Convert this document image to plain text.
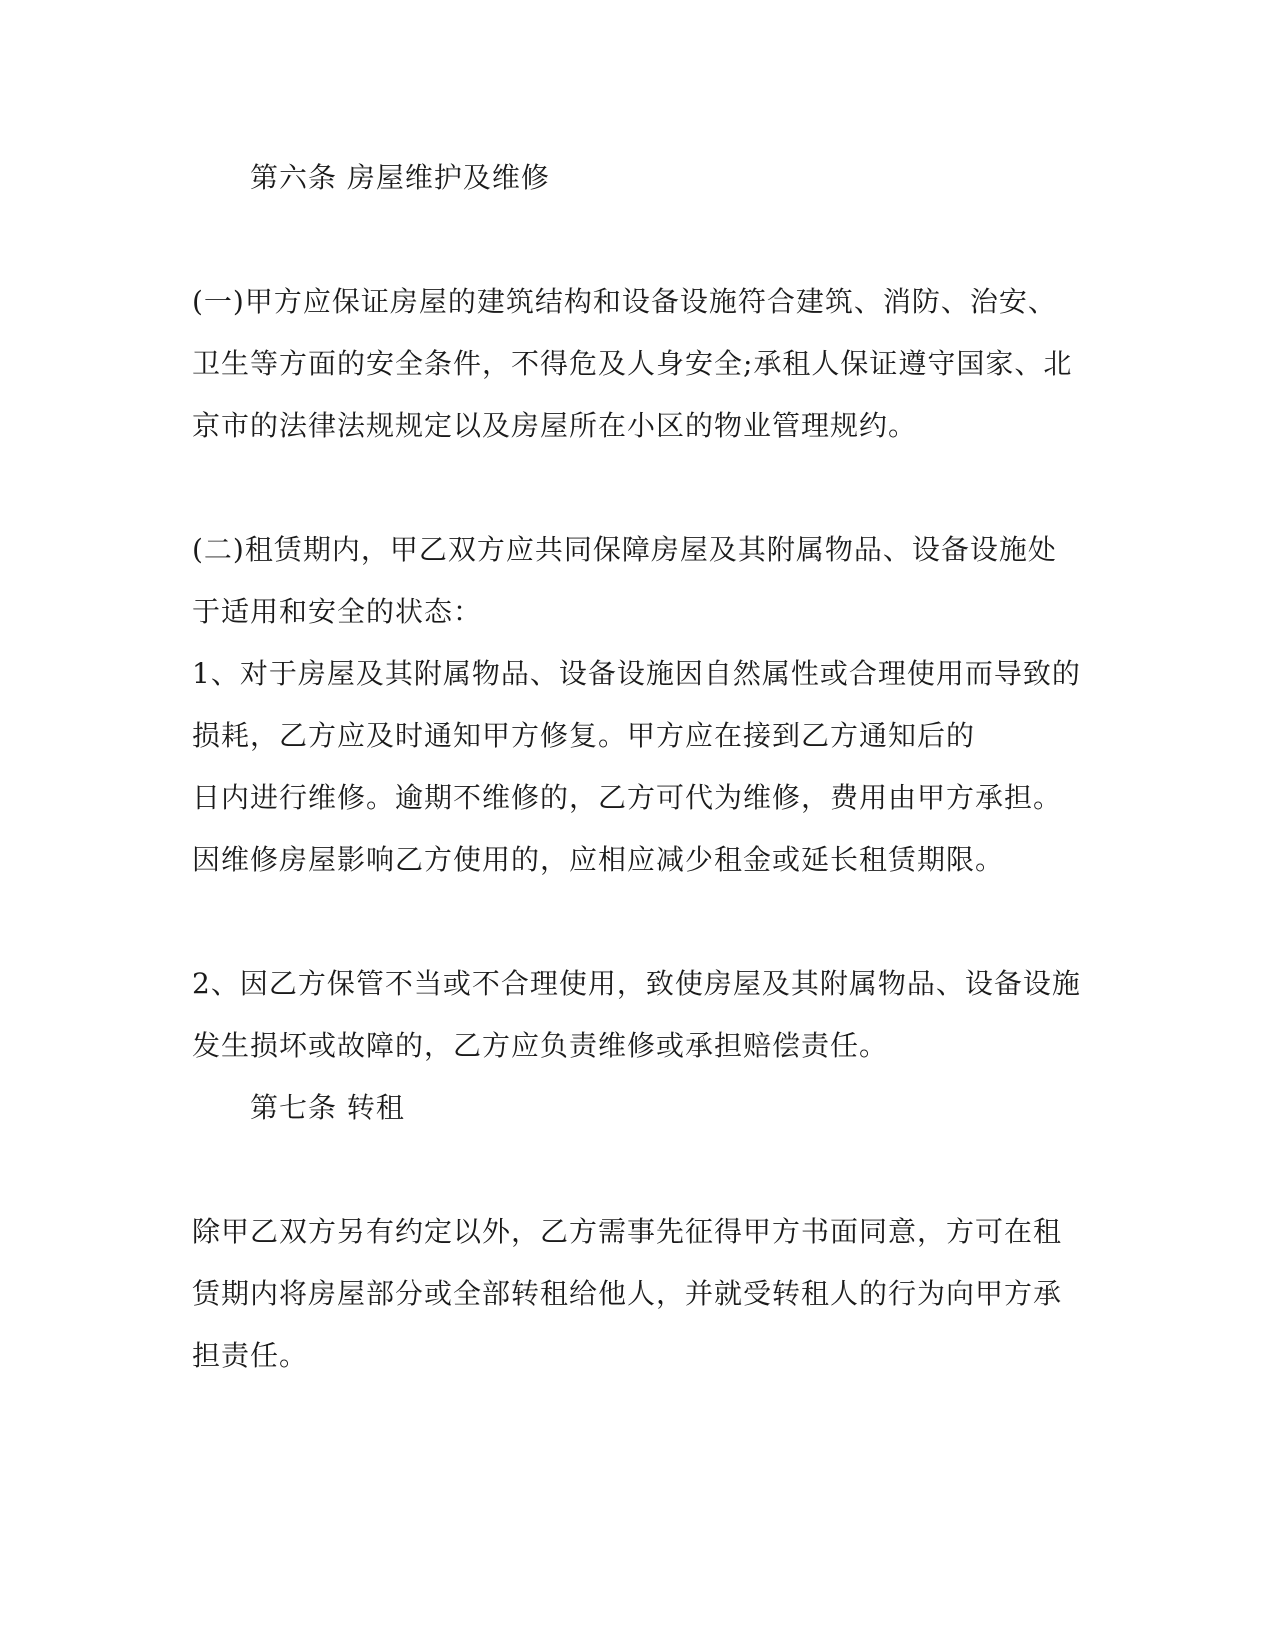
第六条 房屋维护及维修
(一)甲方应保证房屋的建筑结构和设备设施符合建筑、消防、治安、
卫生等方面的安全条件，不得危及人身安全;承租人保证遵守国家、北
京市的法律法规规定以及房屋所在小区的物业管理规约。
(二)租赁期内，甲乙双方应共同保障房屋及其附属物品、设备设施处
于适用和安全的状态：
1、对于房屋及其附属物品、设备设施因自然属性或合理使用而导致的
损耗，乙方应及时通知甲方修复。甲方应在接到乙方通知后的
日内进行维修。逾期不维修的，乙方可代为维修，费用由甲方承担。
因维修房屋影响乙方使用的，应相应减少租金或延长租赁期限。
2、因乙方保管不当或不合理使用，致使房屋及其附属物品、设备设施
发生损坏或故障的，乙方应负责维修或承担赔偿责任。
第七条 转租
除甲乙双方另有约定以外，乙方需事先征得甲方书面同意，方可在租
赁期内将房屋部分或全部转租给他人，并就受转租人的行为向甲方承
担责任。
